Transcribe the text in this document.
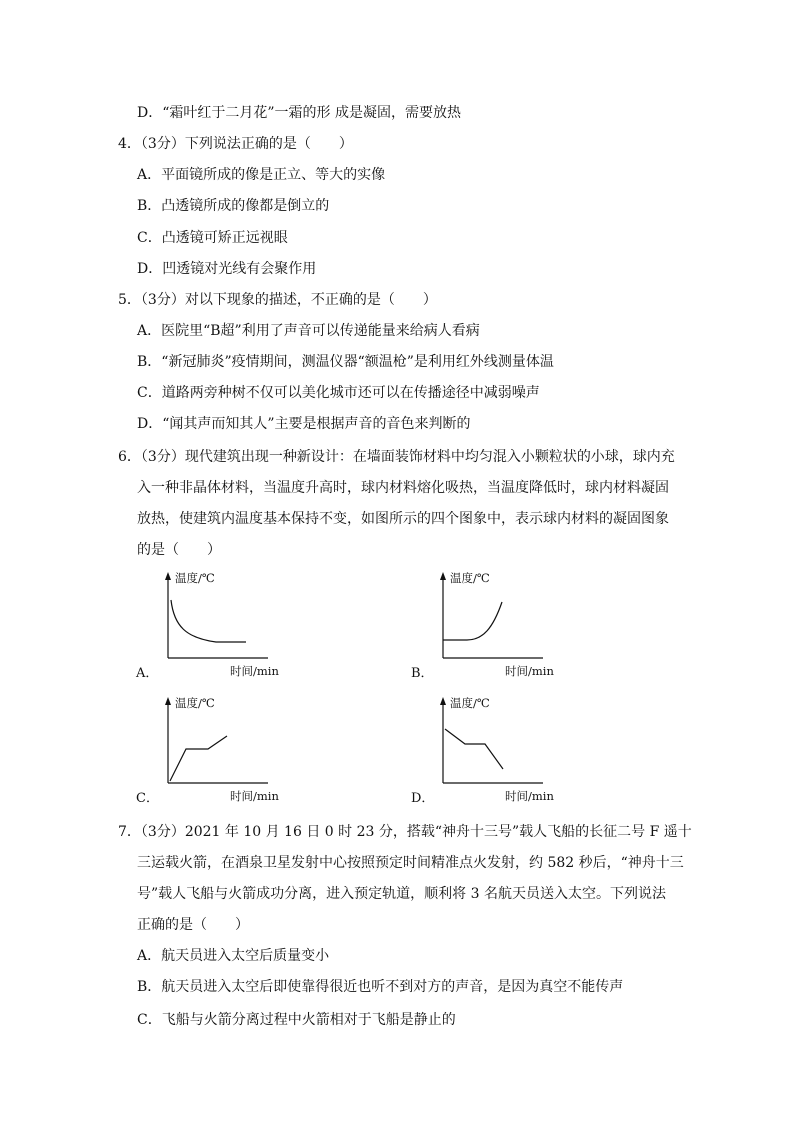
D．“霜叶红于二月花”一霜的形 成是凝固，需要放热
4．（3分）下列说法正确的是（　　）
A．平面镜所成的像是正立、等大的实像
B．凸透镜所成的像都是倒立的
C．凸透镜可矫正远视眼
D．凹透镜对光线有会聚作用
5．（3分）对以下现象的描述，不正确的是（　　）
A．医院里“B超”利用了声音可以传递能量来给病人看病
B．“新冠肺炎”疫情期间，测温仪器“额温枪”是利用红外线测量体温
C．道路两旁种树不仅可以美化城市还可以在传播途径中减弱噪声
D．“闻其声而知其人”主要是根据声音的音色来判断的
6．（3分）现代建筑出现一种新设计：在墙面装饰材料中均匀混入小颗粒状的小球，球内充
入一种非晶体材料，当温度升高时，球内材料熔化吸热，当温度降低时，球内材料凝固
放热，使建筑内温度基本保持不变，如图所示的四个图象中，表示球内材料的凝固图象
的是（　　）
A．
温度/℃
时间/min	B．
温度/℃
时间/min
C．
温度/℃
时间/min	D．
温度/℃
时间/min
7．（3分）2021 年 10 月 16 日 0 时 23 分，搭载“神舟十三号”载人飞船的长征二号 F 遥十
三运载火箭，在酒泉卫星发射中心按照预定时间精准点火发射，约 582 秒后，“神舟十三
号”载人飞船与火箭成功分离，进入预定轨道，顺利将 3 名航天员送入太空。下列说法
正确的是（　　）
A．航天员进入太空后质量变小
B．航天员进入太空后即使靠得很近也听不到对方的声音，是因为真空不能传声
C．飞船与火箭分离过程中火箭相对于飞船是静止的
